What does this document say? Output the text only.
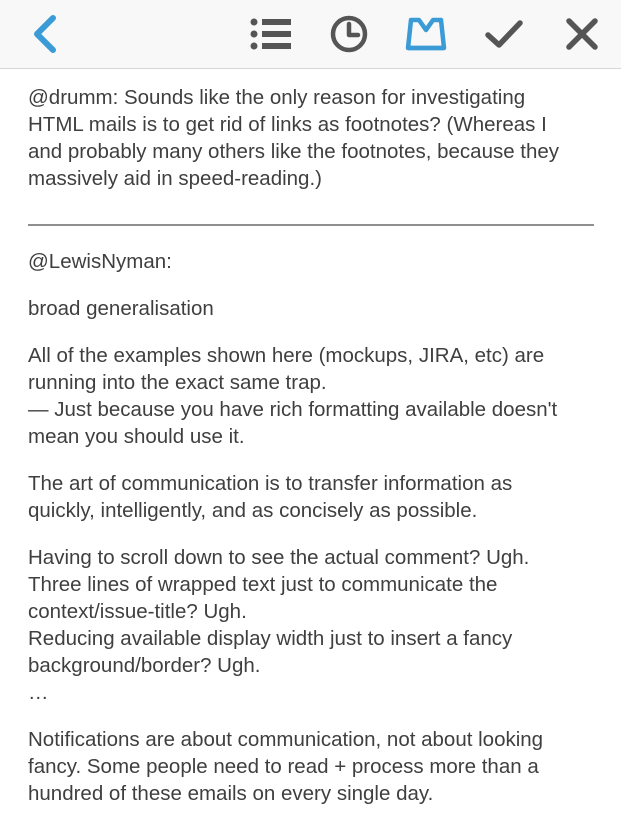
@drumm: Sounds like the only reason for investigating
HTML mails is to get rid of links as footnotes? (Whereas I
and probably many others like the footnotes, because they
massively aid in speed-reading.)

@LewisNyman:

broad generalisation

All of the examples shown here (mockups, JIRA, etc) are
running into the exact same trap.
— Just because you have rich formatting available doesn't
mean you should use it.

The art of communication is to transfer information as
quickly, intelligently, and as concisely as possible.

Having to scroll down to see the actual comment? Ugh.
Three lines of wrapped text just to communicate the
context/issue-title? Ugh.
Reducing available display width just to insert a fancy
background/border? Ugh.
…

Notifications are about communication, not about looking
fancy. Some people need to read + process more than a
hundred of these emails on every single day.
